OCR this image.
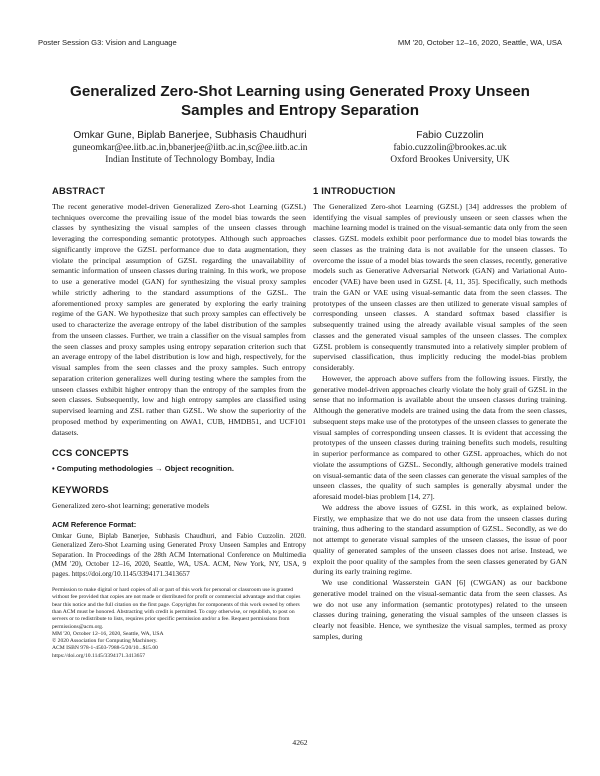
Poster Session G3: Vision and Language	MM '20, October 12–16, 2020, Seattle, WA, USA
Generalized Zero-Shot Learning using Generated Proxy Unseen Samples and Entropy Separation
Omkar Gune, Biplab Banerjee, Subhasis Chaudhuri
guneomkar@ee.iitb.ac.in,bbanerjee@iitb.ac.in,sc@ee.iitb.ac.in
Indian Institute of Technology Bombay, India
Fabio Cuzzolin
fabio.cuzzolin@brookes.ac.uk
Oxford Brookes University, UK
ABSTRACT

The recent generative model-driven Generalized Zero-shot Learning (GZSL) techniques overcome the prevailing issue of the model bias towards the seen classes by synthesizing the visual samples of the unseen classes through leveraging the corresponding semantic prototypes. Although such approaches significantly improve the GZSL performance due to data augmentation, they violate the principal assumption of GZSL regarding the unavailability of semantic information of unseen classes during training. In this work, we propose to use a generative model (GAN) for synthesizing the visual proxy samples while strictly adhering to the standard assumptions of the GZSL. The aforementioned proxy samples are generated by exploring the early training regime of the GAN. We hypothesize that such proxy samples can effectively be used to characterize the average entropy of the label distribution of the samples from the unseen classes. Further, we train a classifier on the visual samples from the seen classes and proxy samples using entropy separation criterion such that an average entropy of the label distribution is low and high, respectively, for the visual samples from the seen classes and the proxy samples. Such entropy separation criterion generalizes well during testing where the samples from the unseen classes exhibit higher entropy than the entropy of the samples from the seen classes. Subsequently, low and high entropy samples are classified using supervised learning and ZSL rather than GZSL. We show the superiority of the proposed method by experimenting on AWA1, CUB, HMDB51, and UCF101 datasets.

CCS CONCEPTS

• Computing methodologies → Object recognition.

KEYWORDS

Generalized zero-shot learning; generative models

ACM Reference Format:

Omkar Gune, Biplab Banerjee, Subhasis Chaudhuri, and Fabio Cuzzolin. 2020. Generalized Zero-Shot Learning using Generated Proxy Unseen Samples and Entropy Separation. In Proceedings of the 28th ACM International Conference on Multimedia (MM '20), October 12–16, 2020, Seattle, WA, USA. ACM, New York, NY, USA, 9 pages. https://doi.org/10.1145/3394171.3413657

Permission to make digital or hard copies of all or part of this work for personal or classroom use is granted without fee provided that copies are not made or distributed for profit or commercial advantage and that copies bear this notice and the full citation on the first page. Copyrights for components of this work owned by others than ACM must be honored. Abstracting with credit is permitted. To copy otherwise, or republish, to post on servers or to redistribute to lists, requires prior specific permission and/or a fee. Request permissions from permissions@acm.org.

MM '20, October 12–16, 2020, Seattle, WA, USA

© 2020 Association for Computing Machinery.

ACM ISBN 978-1-4503-7988-5/20/10...$15.00

https://doi.org/10.1145/3394171.3413657

1 INTRODUCTION

The Generalized Zero-shot Learning (GZSL) [34] addresses the problem of identifying the visual samples of previously unseen or seen classes when the machine learning model is trained on the visual-semantic data only from the seen classes. GZSL models exhibit poor performance due to model bias towards the seen classes as the training data is not available for the unseen classes. To overcome the issue of a model bias towards the seen classes, recently, generative models such as Generative Adversarial Network (GAN) and Variational Auto-encoder (VAE) have been used in GZSL [4, 11, 35]. Specifically, such methods train the GAN or VAE using visual-semantic data from the seen classes. The prototypes of the unseen classes are then utilized to generate visual samples of corresponding unseen classes. A standard softmax based classifier is subsequently trained using the already available visual samples of the seen classes and the generated visual samples of the unseen classes. The complex GZSL problem is consequently transmuted into a relatively simpler problem of supervised classification, thus implicitly reducing the model-bias problem considerably.

However, the approach above suffers from the following issues. Firstly, the generative model-driven approaches clearly violate the holy grail of GZSL in the sense that no information is available about the unseen classes during training. Although the generative models are trained using the data from the seen classes, subsequent steps make use of the prototypes of the unseen classes to generate the visual samples of corresponding unseen classes. It is evident that accessing the prototypes of the unseen classes during training benefits such models, resulting in superior performance as compared to other GZSL approaches, which do not violate the assumptions of GZSL. Secondly, although generative models trained on visual-semantic data of the seen classes can generate the visual samples of the unseen classes, the quality of such samples is generally abysmal under the aforesaid model-bias problem [14, 27].

We address the above issues of GZSL in this work, as explained below. Firstly, we emphasize that we do not use data from the unseen classes during training, thus adhering to the standard assumption of GZSL. Secondly, as we do not attempt to generate visual samples of the unseen classes, the issue of poor quality of generated samples of the unseen classes does not arise. Instead, we exploit the poor quality of the samples from the seen classes generated by GAN during its early training regime.

We use conditional Wasserstein GAN [6] (CWGAN) as our backbone generative model trained on the visual-semantic data from the seen classes. As we do not use any information (semantic prototypes) related to the unseen classes during training, generating the visual samples of the unseen classes is clearly not feasible. Hence, we synthesize the visual samples, termed as proxy samples, during

4262
